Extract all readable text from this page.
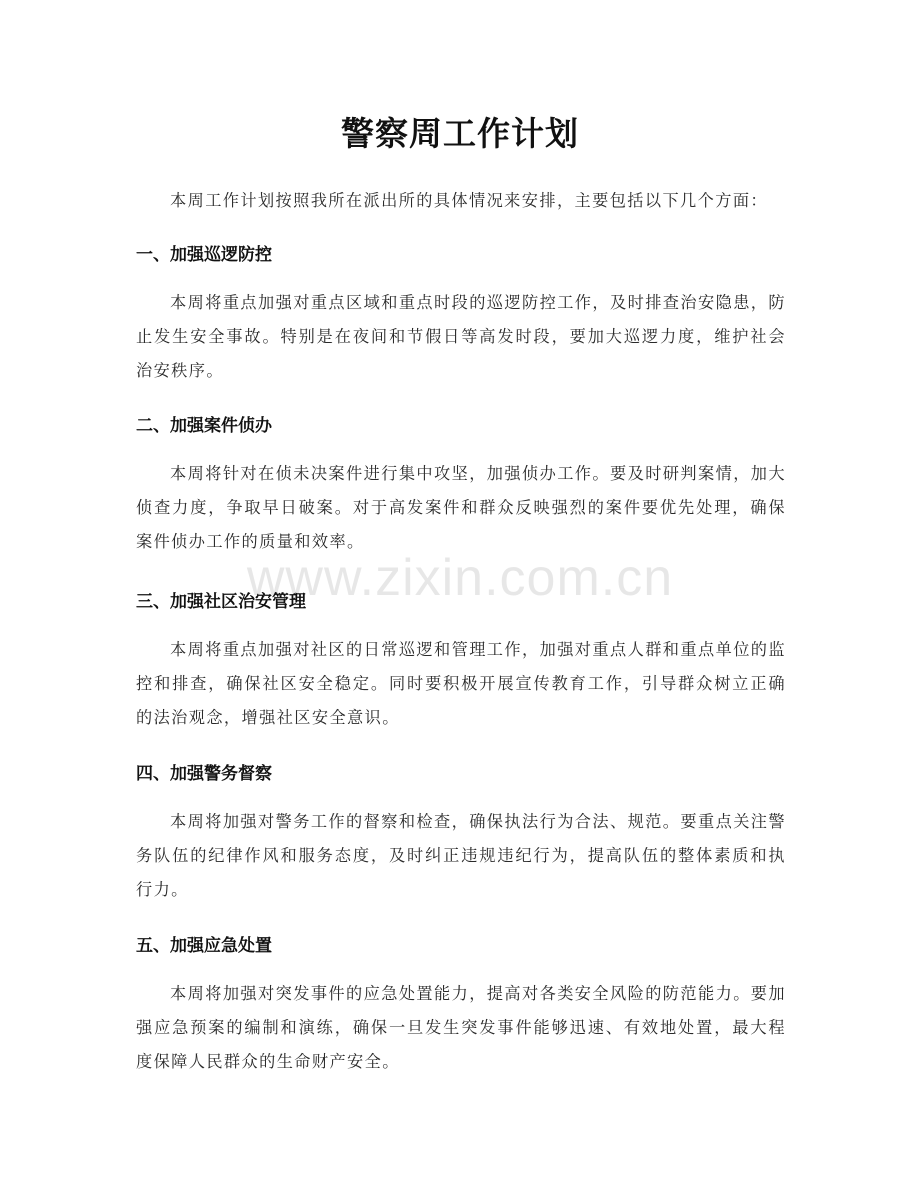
警察周工作计划

本周工作计划按照我所在派出所的具体情况来安排，主要包括以下几个方面：

一、加强巡逻防控

本周将重点加强对重点区域和重点时段的巡逻防控工作，及时排查治安隐患，防止发生安全事故。特别是在夜间和节假日等高发时段，要加大巡逻力度，维护社会治安秩序。

二、加强案件侦办

本周将针对在侦未决案件进行集中攻坚，加强侦办工作。要及时研判案情，加大侦查力度，争取早日破案。对于高发案件和群众反映强烈的案件要优先处理，确保案件侦办工作的质量和效率。

三、加强社区治安管理

本周将重点加强对社区的日常巡逻和管理工作，加强对重点人群和重点单位的监控和排查，确保社区安全稳定。同时要积极开展宣传教育工作，引导群众树立正确的法治观念，增强社区安全意识。

四、加强警务督察

本周将加强对警务工作的督察和检查，确保执法行为合法、规范。要重点关注警务队伍的纪律作风和服务态度，及时纠正违规违纪行为，提高队伍的整体素质和执行力。

五、加强应急处置

本周将加强对突发事件的应急处置能力，提高对各类安全风险的防范能力。要加强应急预案的编制和演练，确保一旦发生突发事件能够迅速、有效地处置，最大程度保障人民群众的生命财产安全。

www.zixin.com.cn
